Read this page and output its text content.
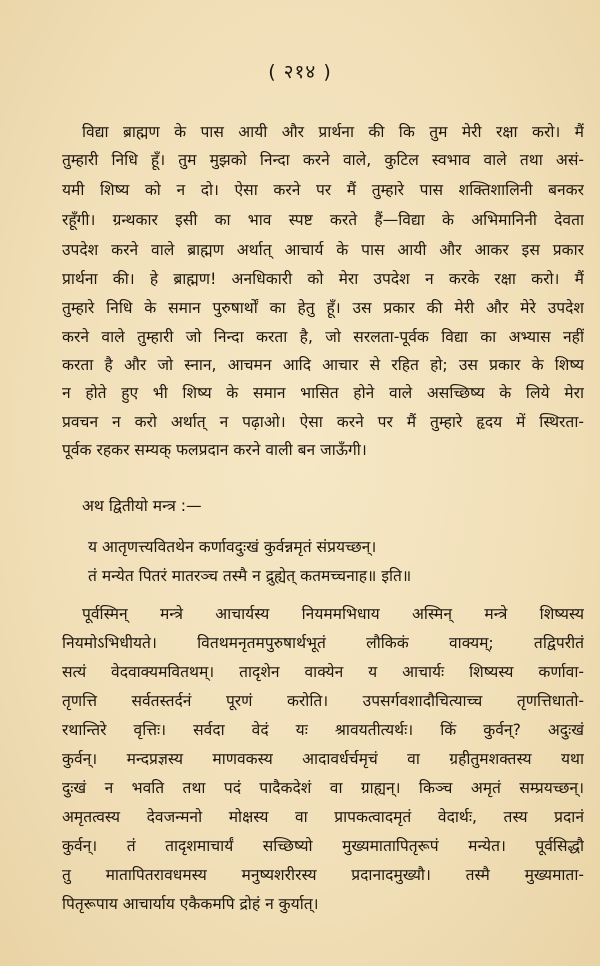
( २१४ )
विद्या ब्राह्मण के पास आयी और प्रार्थना की कि तुम मेरी रक्षा करो। मैं
तुम्हारी निधि हूँ। तुम मुझको निन्दा करने वाले, कुटिल स्वभाव वाले तथा असं-
यमी शिष्य को न दो। ऐसा करने पर मैं तुम्हारे पास शक्तिशालिनी बनकर
रहूँगी। ग्रन्थकार इसी का भाव स्पष्ट करते हैं—विद्या के अभिमानिनी देवता
उपदेश करने वाले ब्राह्मण अर्थात् आचार्य के पास आयी और आकर इस प्रकार
प्रार्थना की। हे ब्राह्मण! अनधिकारी को मेरा उपदेश न करके रक्षा करो। मैं
तुम्हारे निधि के समान पुरुषार्थों का हेतु हूँ। उस प्रकार की मेरी और मेरे उपदेश
करने वाले तुम्हारी जो निन्दा करता है, जो सरलता-पूर्वक विद्या का अभ्यास नहीं
करता है और जो स्नान, आचमन आदि आचार से रहित हो; उस प्रकार के शिष्य
न होते हुए भी शिष्य के समान भासित होने वाले असच्छिष्य के लिये मेरा
प्रवचन न करो अर्थात् न पढ़ाओ। ऐसा करने पर मैं तुम्हारे हृदय में स्थिरता-
पूर्वक रहकर सम्यक् फलप्रदान करने वाली बन जाऊँगी।
अथ द्वितीयो मन्त्र :—
य आतृणत्त्यवितथेन कर्णावदुःखं कुर्वन्नमृतं संप्रयच्छन्।
तं मन्येत पितरं मातरञ्च तस्मै न द्रुह्येत् कतमच्चनाह॥ इति॥
पूर्वस्मिन् मन्त्रे आचार्यस्य नियममभिधाय अस्मिन् मन्त्रे शिष्यस्य
नियमोऽभिधीयते। वितथमनृतमपुरुषार्थभूतं लौकिकं वाक्यम्; तद्विपरीतं
सत्यं वेदवाक्यमवितथम्। तादृशेन वाक्येन य आचार्यः शिष्यस्य कर्णावा-
तृणत्ति सर्वतस्तर्दनं पूरणं करोति। उपसर्गवशादौचित्याच्च तृणत्तिधातो-
रथान्तिरे वृत्तिः। सर्वदा वेदं यः श्रावयतीत्यर्थः। किं कुर्वन्? अदुःखं
कुर्वन्। मन्दप्रज्ञस्य माणवकस्य आदावर्धर्चमृचं वा ग्रहीतुमशक्तस्य यथा
दुःखं न भवति तथा पदं पादैकदेशं वा ग्राह्यन्। किञ्च अमृतं सम्प्रयच्छन्।
अमृतत्वस्य देवजन्मनो मोक्षस्य वा प्रापकत्वादमृतं वेदार्थः, तस्य प्रदानं
कुर्वन्। तं तादृशमाचार्यं सच्छिष्यो मुख्यमातापितृरूपं मन्येत। पूर्वसिद्धौ
तु मातापितरावधमस्य मनुष्यशरीरस्य प्रदानादमुख्यौ। तस्मै मुख्यमाता-
पितृरूपाय आचार्याय एकैकमपि द्रोहं न कुर्यात्।
